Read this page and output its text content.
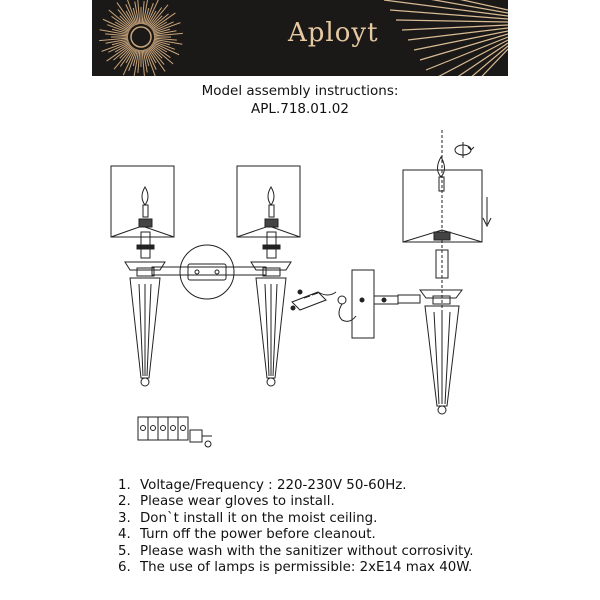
Aployt
Model assembly instructions:
APL.718.01.02
1. Voltage/Frequency : 220-230V 50-60Hz.
2. Please wear gloves to install.
3. Don`t install it on the moist ceiling.
4. Turn off the power before cleanout.
5. Please wash with the sanitizer without corrosivity.
6. The use of lamps is permissible: 2xE14 max 40W.
